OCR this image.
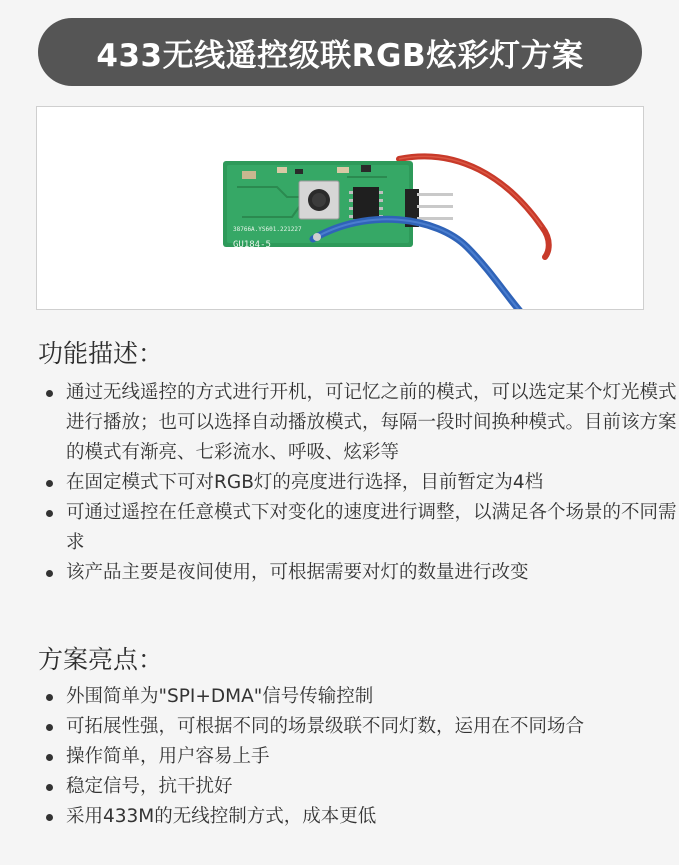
433无线遥控级联RGB炫彩灯方案
38766A.YS601.221227
GU184-5
功能描述：
通过无线遥控的方式进行开机，可记忆之前的模式，可以选定某个灯光模式进行播放；也可以选择自动播放模式，每隔一段时间换种模式。目前该方案的模式有渐亮、七彩流水、呼吸、炫彩等
在固定模式下可对RGB灯的亮度进行选择，目前暂定为4档
可通过遥控在任意模式下对变化的速度进行调整，以满足各个场景的不同需求
该产品主要是夜间使用，可根据需要对灯的数量进行改变
方案亮点：
外围简单为"SPI+DMA"信号传输控制
可拓展性强，可根据不同的场景级联不同灯数，运用在不同场合
操作简单，用户容易上手
稳定信号，抗干扰好
采用433M的无线控制方式，成本更低
